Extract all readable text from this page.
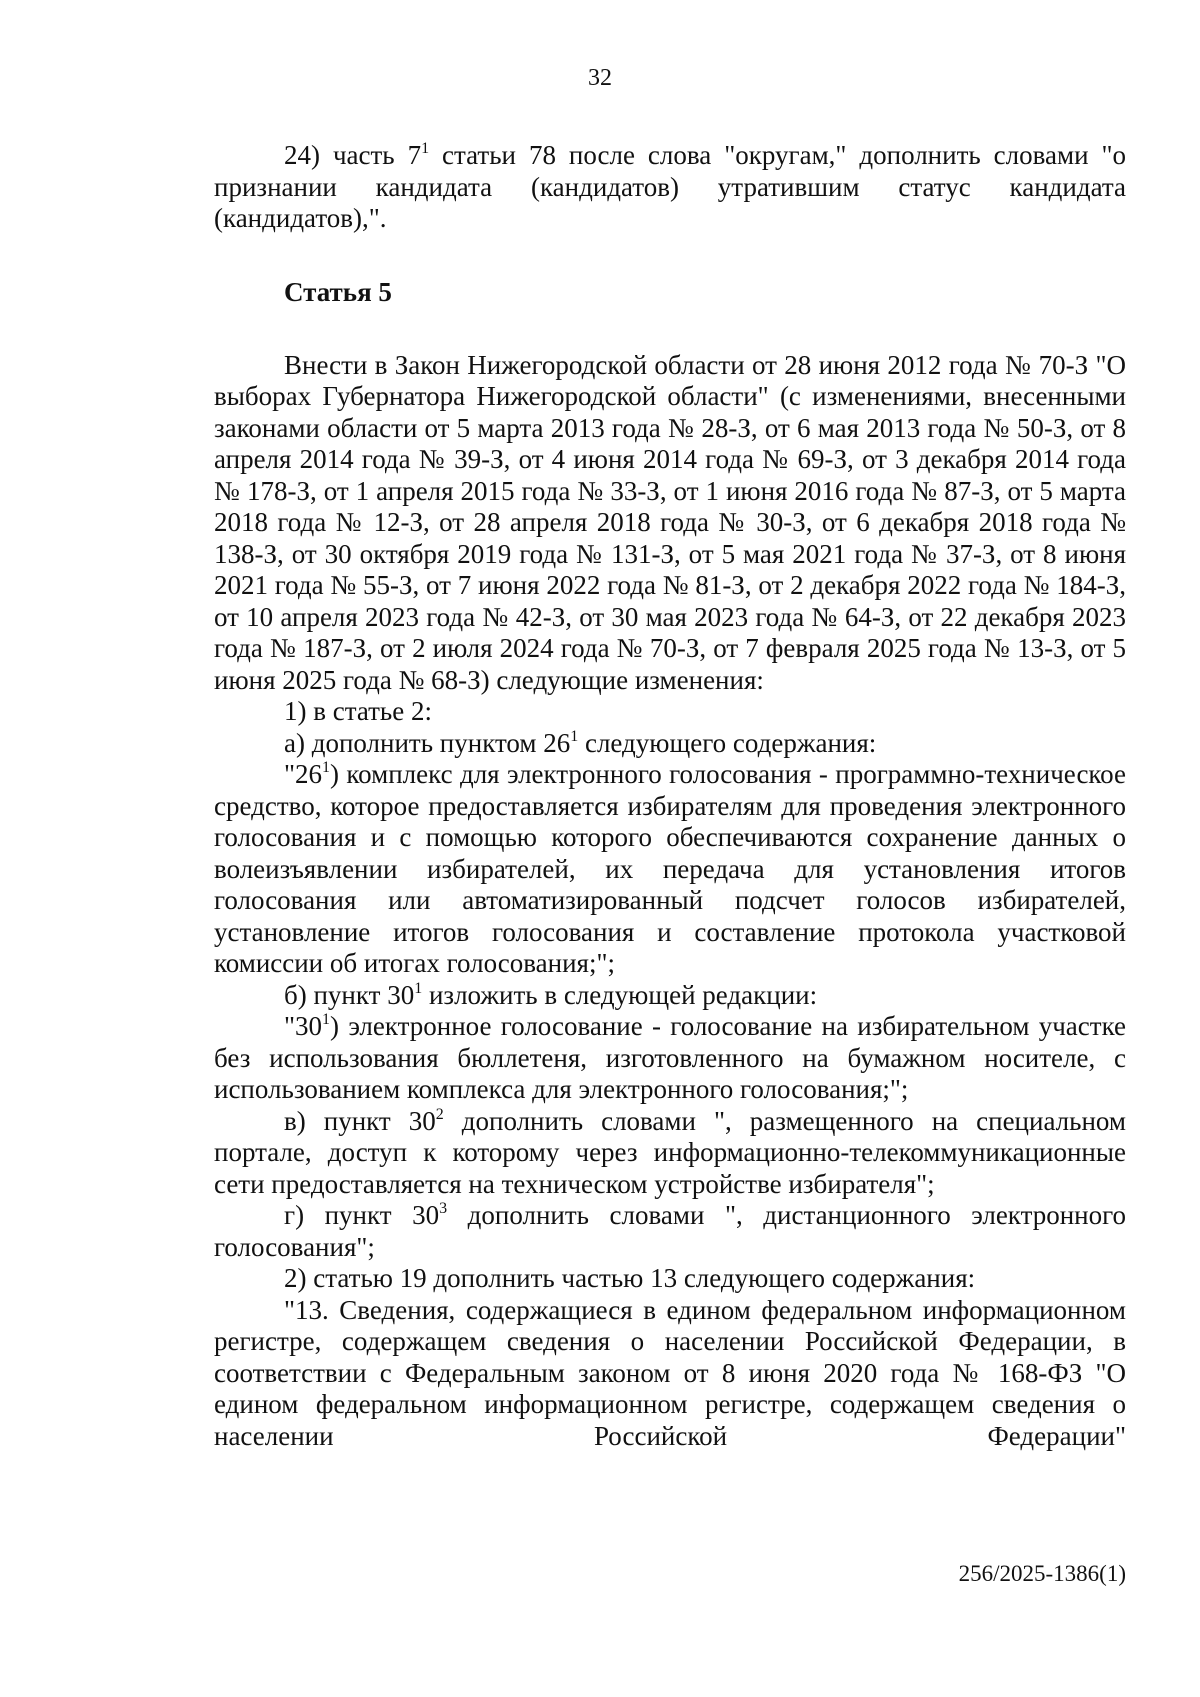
32

24) часть $7^1$ статьи 78 после слова "округам," дополнить словами "о признании кандидата (кандидатов) утратившим статус кандидата (кандидатов),".

Статья 5

Внести в Закон Нижегородской области от 28 июня 2012 года № 70-З "О выборах Губернатора Нижегородской области" (с изменениями, внесенными законами области от 5 марта 2013 года № 28-З, от 6 мая 2013 года № 50-З, от 8 апреля 2014 года № 39-З, от 4 июня 2014 года № 69-З, от 3 декабря 2014 года № 178-З, от 1 апреля 2015 года № 33-З, от 1 июня 2016 года № 87-З, от 5 марта 2018 года № 12-З, от 28 апреля 2018 года № 30-З, от 6 декабря 2018 года № 138-З, от 30 октября 2019 года № 131-З, от 5 мая 2021 года № 37-З, от 8 июня 2021 года № 55-З, от 7 июня 2022 года № 81-З, от 2 декабря 2022 года № 184-З, от 10 апреля 2023 года № 42-З, от 30 мая 2023 года № 64-З, от 22 декабря 2023 года № 187-З, от 2 июля 2024 года № 70-З, от 7 февраля 2025 года № 13-З, от 5 июня 2025 года № 68-З) следующие изменения:

1) в статье 2:

а) дополнить пунктом $26^1$ следующего содержания:

"$26^1$) комплекс для электронного голосования - программно-техническое средство, которое предоставляется избирателям для проведения электронного голосования и с помощью которого обеспечиваются сохранение данных о волеизъявлении избирателей, их передача для установления итогов голосования или автоматизированный подсчет голосов избирателей, установление итогов голосования и составление протокола участковой комиссии об итогах голосования;";

б) пункт $30^1$ изложить в следующей редакции:

"$30^1$) электронное голосование - голосование на избирательном участке без использования бюллетеня, изготовленного на бумажном носителе, с использованием комплекса для электронного голосования;";

в) пункт $30^2$ дополнить словами ", размещенного на специальном портале, доступ к которому через информационно-телекоммуникационные сети предоставляется на техническом устройстве избирателя";

г) пункт $30^3$ дополнить словами ", дистанционного электронного голосования";

2) статью 19 дополнить частью 13 следующего содержания:

"13. Сведения, содержащиеся в едином федеральном информационном регистре, содержащем сведения о населении Российской Федерации, в соответствии с Федеральным законом от 8 июня 2020 года № 168-ФЗ "О едином федеральном информационном регистре, содержащем сведения о населении Российской Федерации"

256/2025-1386(1)
